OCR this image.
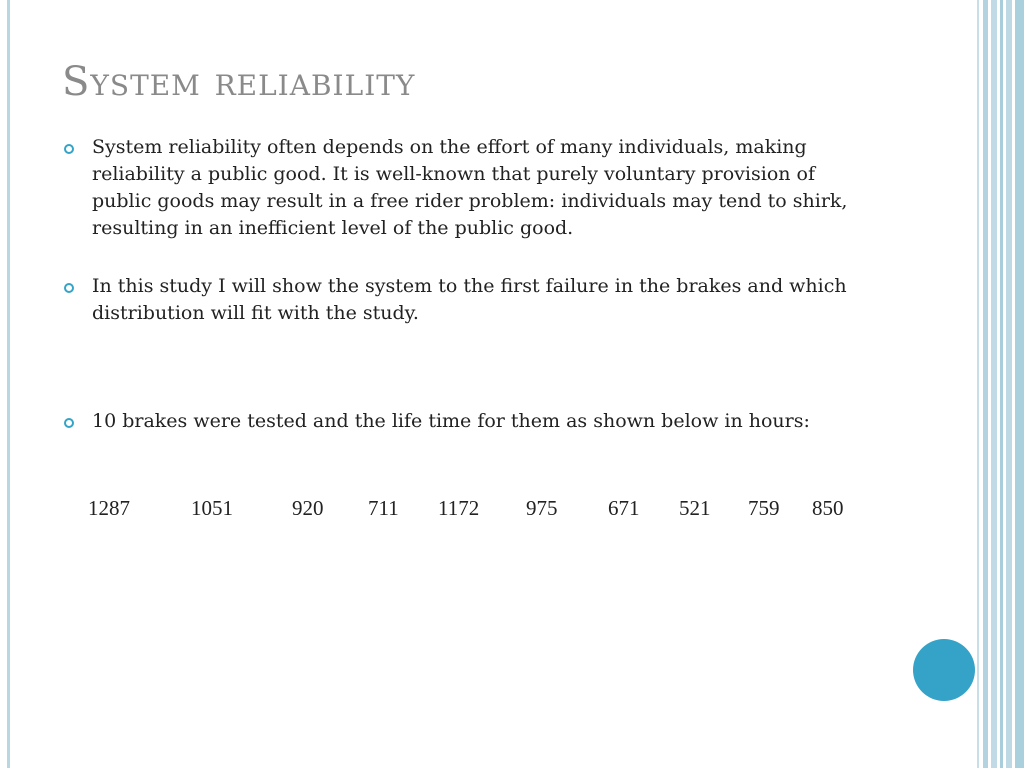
System reliability
System reliability often depends on the effort of many individuals, making reliability a public good. It is well-known that purely voluntary provision of public goods may result in a free rider problem: individuals may tend to shirk, resulting in an inefficient level of the public good.
In this study I will show the system to the first failure in the brakes and which distribution will fit with the study.
10 brakes were tested and the life time for them as shown below in hours:
1287	1051	920 711 1172 975 671 521 759 850
